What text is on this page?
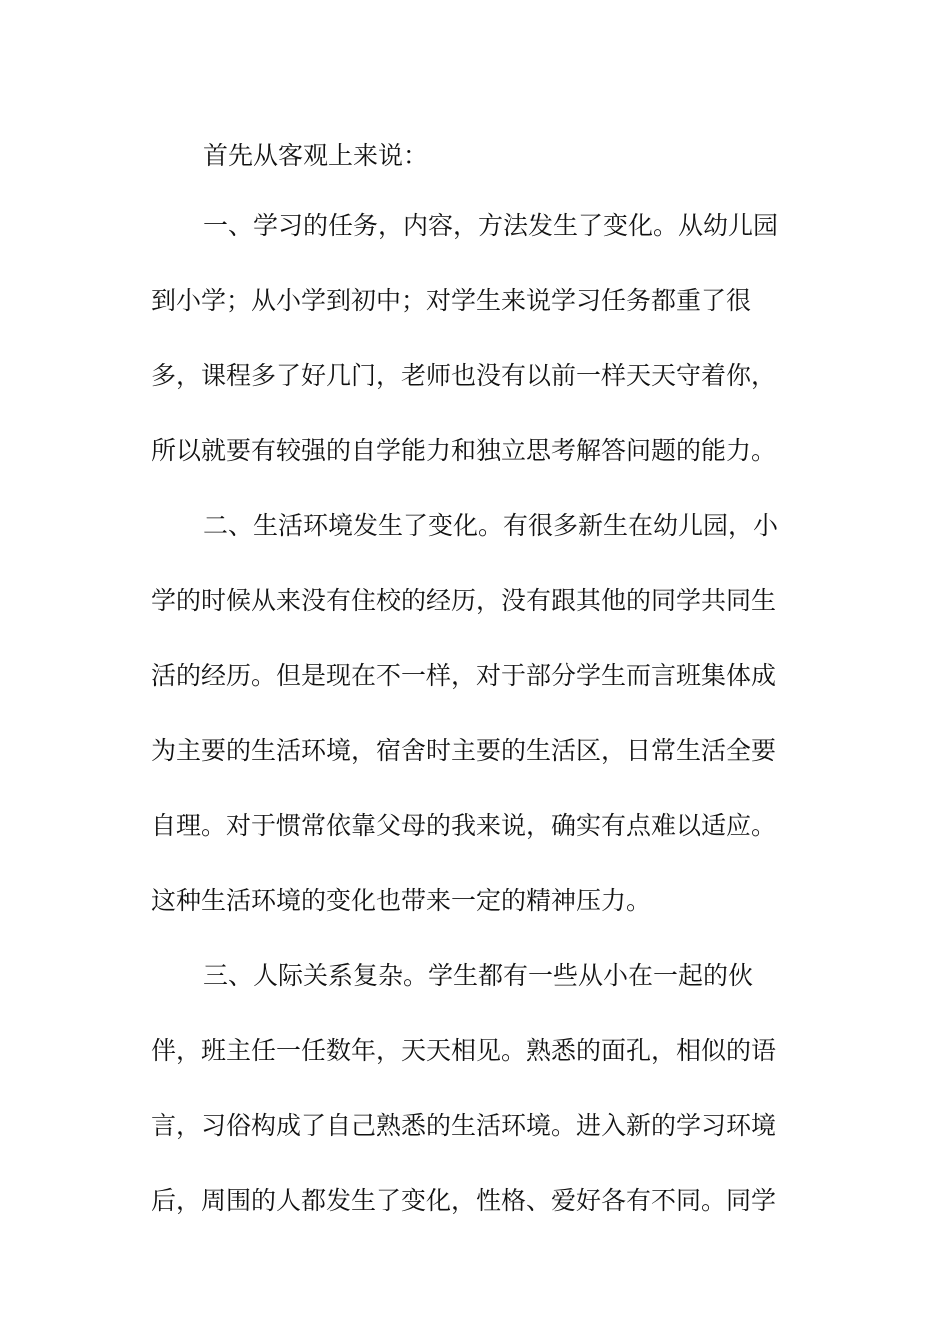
首先从客观上来说：
一、学习的任务，内容，方法发生了变化。从幼儿园
到小学；从小学到初中；对学生来说学习任务都重了很
多，课程多了好几门，老师也没有以前一样天天守着你，
所以就要有较强的自学能力和独立思考解答问题的能力。
二、生活环境发生了变化。有很多新生在幼儿园，小
学的时候从来没有住校的经历，没有跟其他的同学共同生
活的经历。但是现在不一样，对于部分学生而言班集体成
为主要的生活环境，宿舍时主要的生活区，日常生活全要
自理。对于惯常依靠父母的我来说，确实有点难以适应。
这种生活环境的变化也带来一定的精神压力。
三、人际关系复杂。学生都有一些从小在一起的伙
伴，班主任一任数年，天天相见。熟悉的面孔，相似的语
言，习俗构成了自己熟悉的生活环境。进入新的学习环境
后，周围的人都发生了变化，性格、爱好各有不同。同学
